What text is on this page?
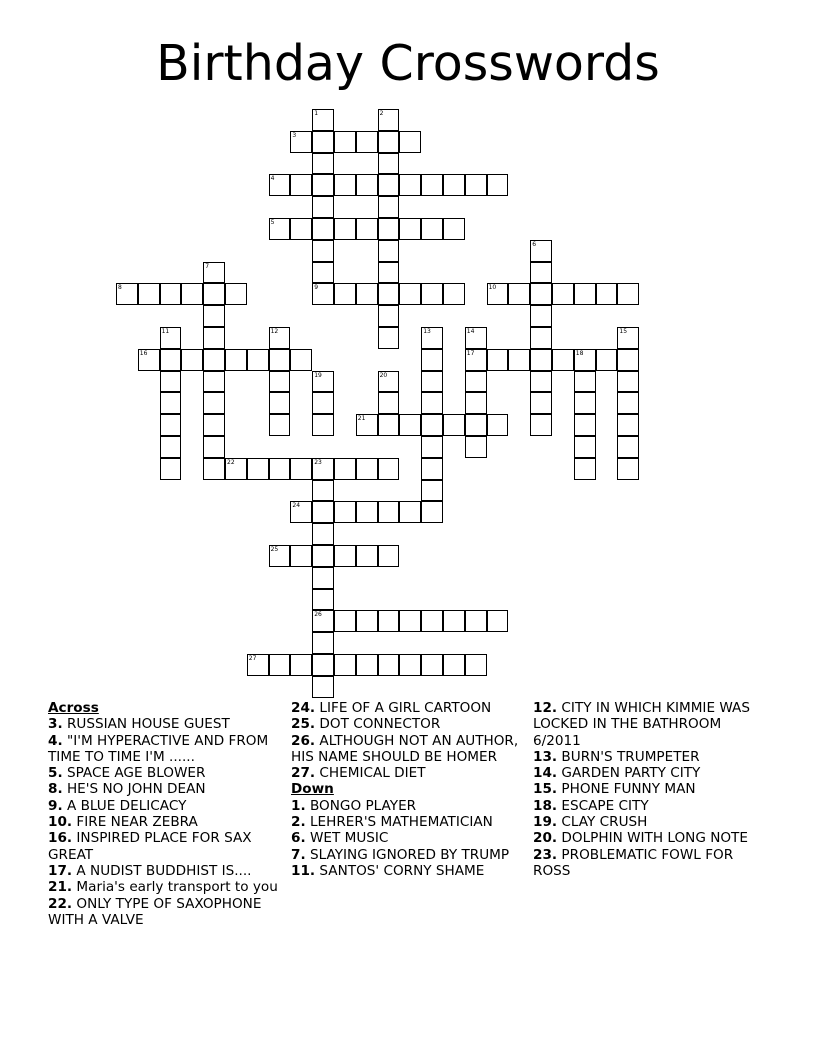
Birthday Crosswords
3
4
5
8	9	10
16	17	18
21
22	23
24
25
26
27
1	2
6
7
11	12	13	14	15
19	20
Across
3. RUSSIAN HOUSE GUEST
4. "I'M HYPERACTIVE AND FROM TIME TO TIME I'M ......
5. SPACE AGE BLOWER
8. HE'S NO JOHN DEAN
9. A BLUE DELICACY
10. FIRE NEAR ZEBRA
16. INSPIRED PLACE FOR SAX GREAT
17. A NUDIST BUDDHIST IS....
21. Maria's early transport to you
22. ONLY TYPE OF SAXOPHONE WITH A VALVE
24. LIFE OF A GIRL CARTOON
25. DOT CONNECTOR
26. ALTHOUGH NOT AN AUTHOR, HIS NAME SHOULD BE HOMER
27. CHEMICAL DIET
Down
1. BONGO PLAYER
2. LEHRER'S MATHEMATICIAN
6. WET MUSIC
7. SLAYING IGNORED BY TRUMP
11. SANTOS' CORNY SHAME
12. CITY IN WHICH KIMMIE WAS LOCKED IN THE BATHROOM 6/2011
13. BURN'S TRUMPETER
14. GARDEN PARTY CITY
15. PHONE FUNNY MAN
18. ESCAPE CITY
19. CLAY CRUSH
20. DOLPHIN WITH LONG NOTE
23. PROBLEMATIC FOWL FOR ROSS
